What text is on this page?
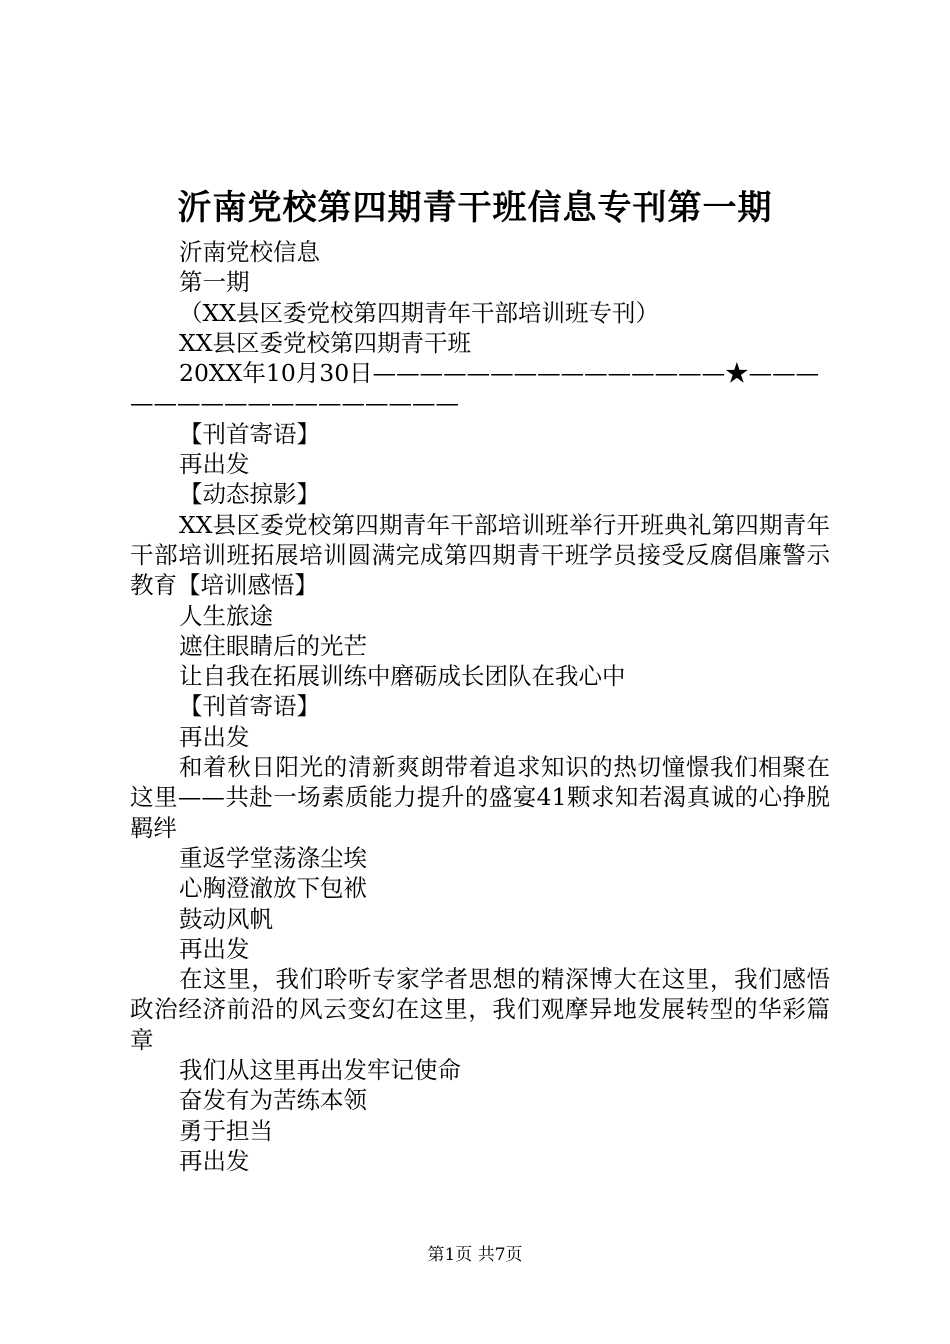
沂南党校第四期青干班信息专刊第一期
沂南党校信息
第一期
（XX县区委党校第四期青年干部培训班专刊）
XX县区委党校第四期青干班
20XX年10月30日———————————————★———
——————————————
【刊首寄语】
再出发
【动态掠影】
XX县区委党校第四期青年干部培训班举行开班典礼第四期青年干部培训班拓展培训圆满完成第四期青干班学员接受反腐倡廉警示教育【培训感悟】
人生旅途
遮住眼睛后的光芒
让自我在拓展训练中磨砺成长团队在我心中
【刊首寄语】
再出发
和着秋日阳光的清新爽朗带着追求知识的热切憧憬我们相聚在这里——共赴一场素质能力提升的盛宴41颗求知若渴真诚的心挣脱羁绊
重返学堂荡涤尘埃
心胸澄澈放下包袱
鼓动风帆
再出发
在这里，我们聆听专家学者思想的精深博大在这里，我们感悟政治经济前沿的风云变幻在这里，我们观摩异地发展转型的华彩篇章
我们从这里再出发牢记使命
奋发有为苦练本领
勇于担当
再出发
第1页 共7页
